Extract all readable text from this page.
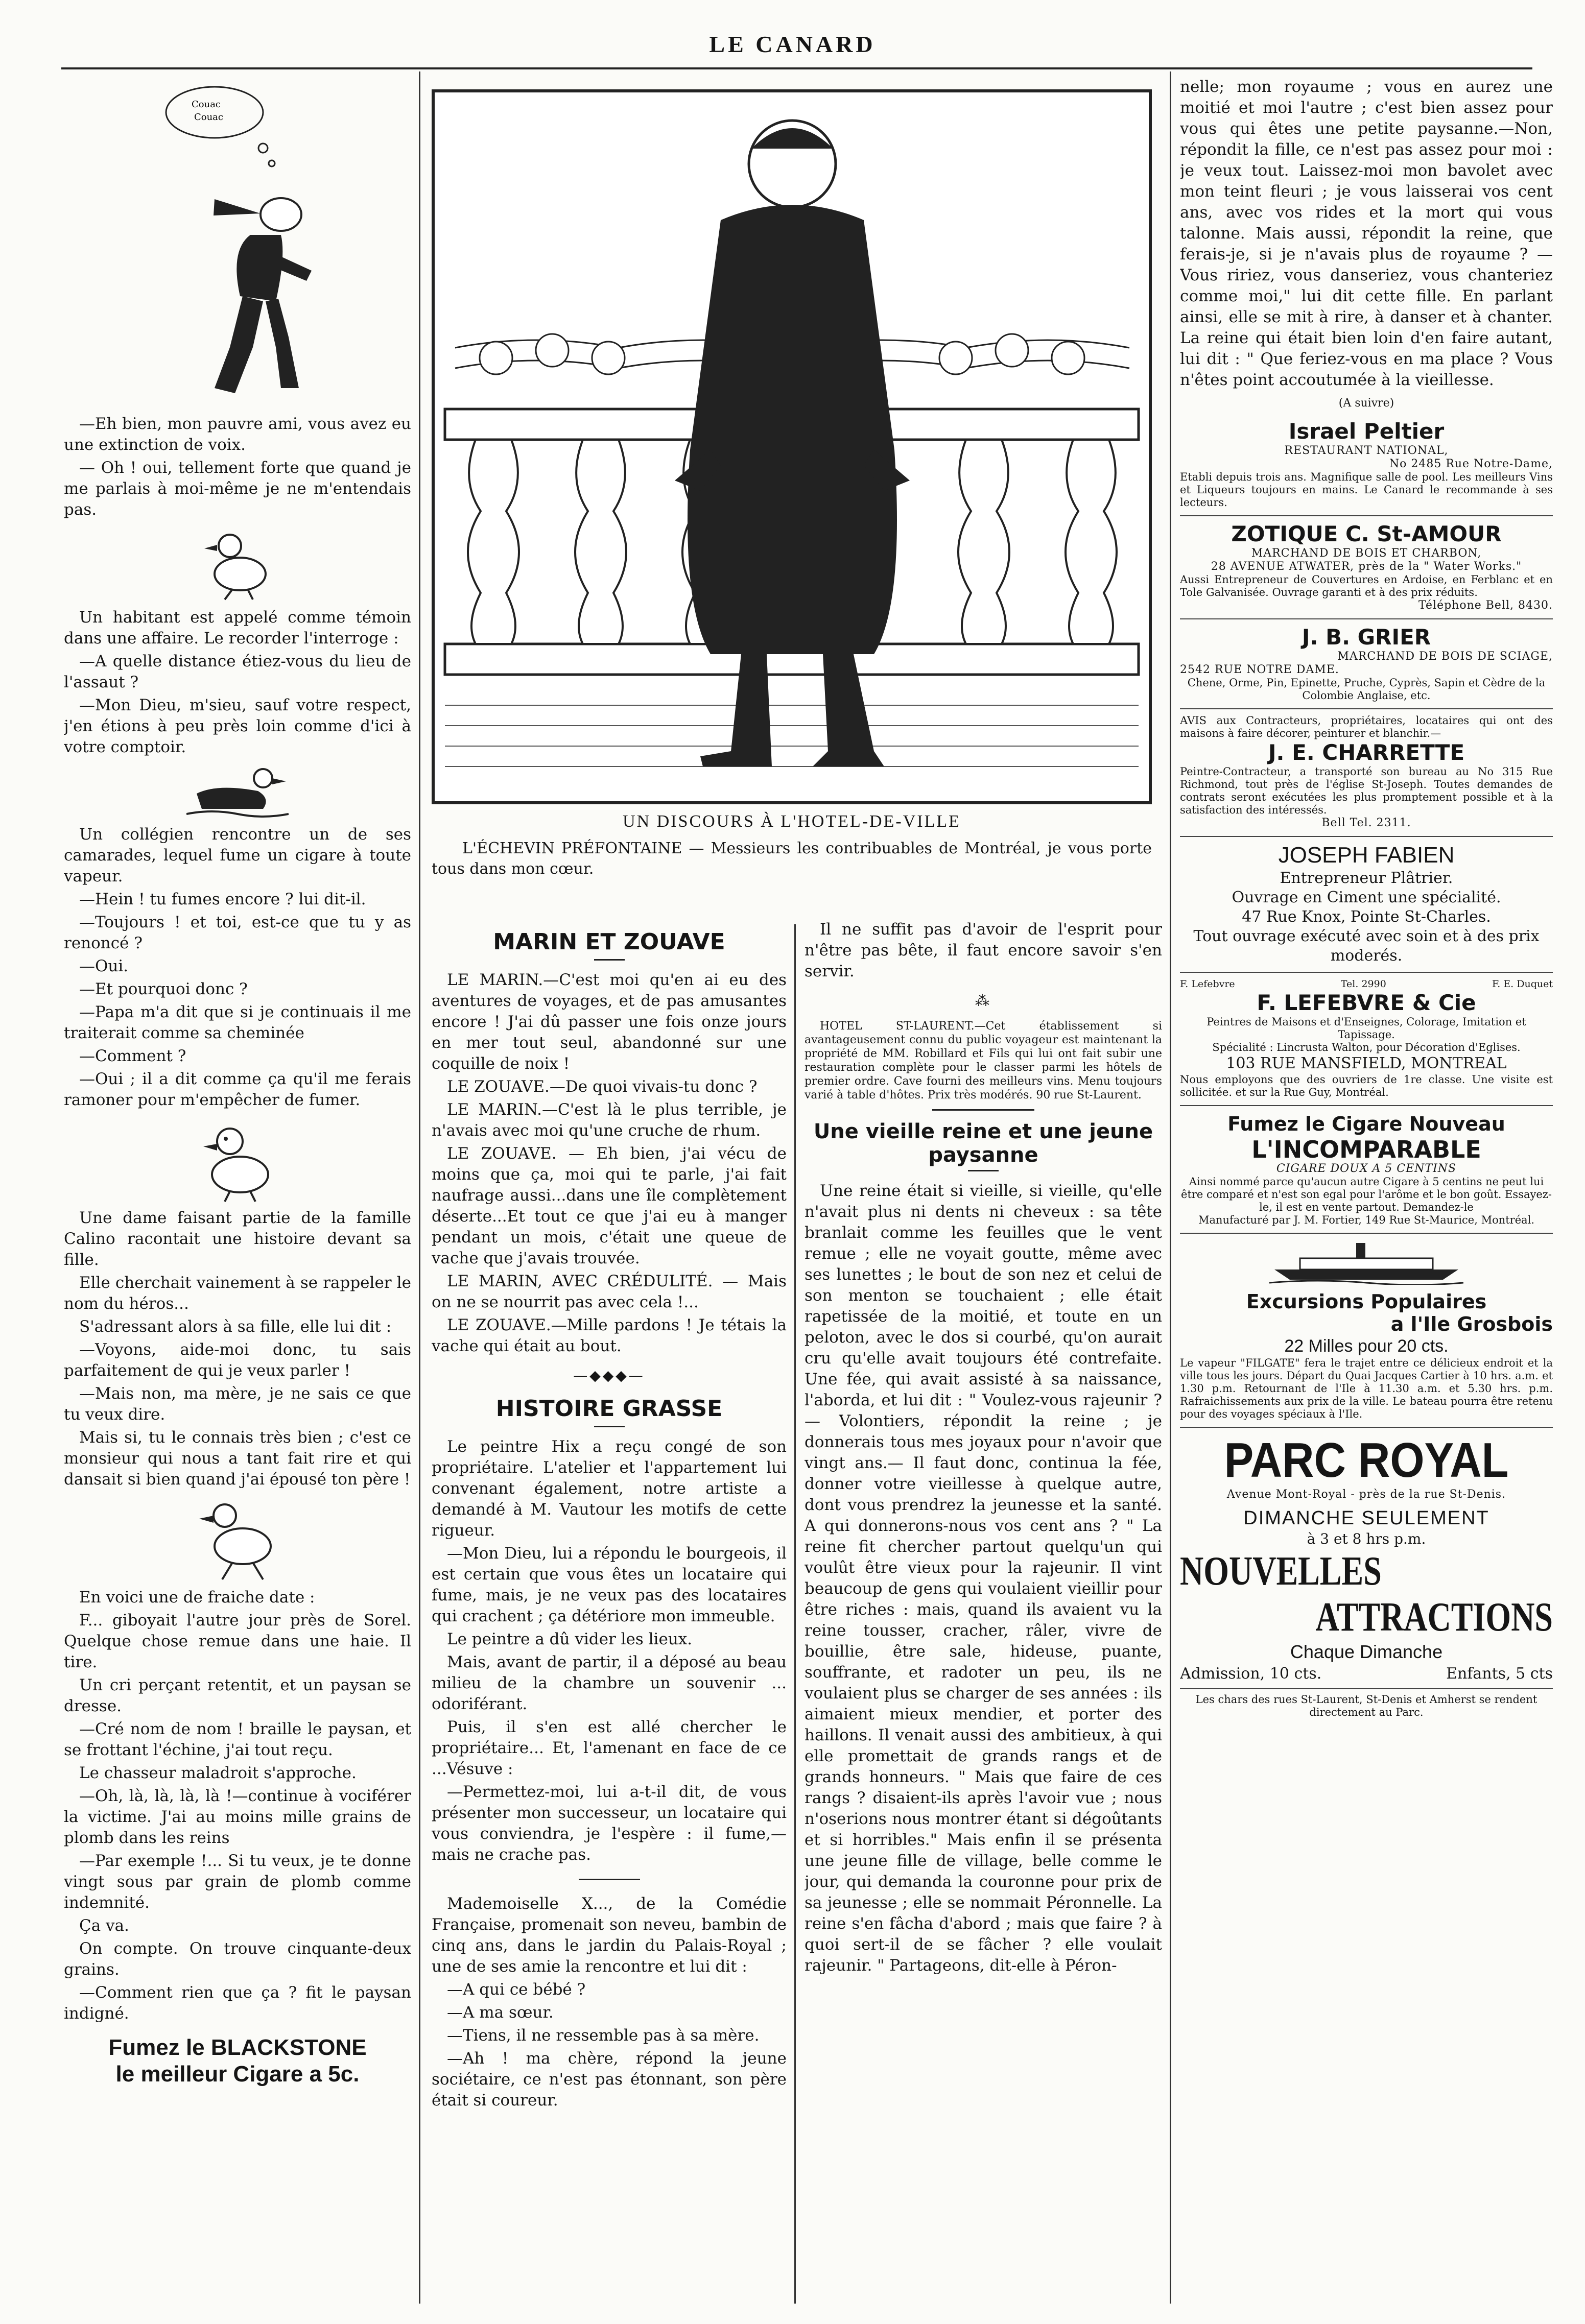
LE CANARD
Couac
Couac

—Eh bien, mon pauvre ami, vous avez eu une extinction de voix.

— Oh ! oui, tellement forte que quand je me parlais à moi-même je ne m'entendais pas.

Un habitant est appelé comme témoin dans une affaire. Le recorder l'interroge :

—A quelle distance étiez-vous du lieu de l'assaut ?

—Mon Dieu, m'sieu, sauf votre respect, j'en étions à peu près loin comme d'ici à votre comptoir.

Un collégien rencontre un de ses camarades, lequel fume un cigare à toute vapeur.

—Hein ! tu fumes encore ? lui dit-il.

—Toujours ! et toi, est-ce que tu y as renoncé ?

—Oui.

—Et pourquoi donc ?

—Papa m'a dit que si je continuais il me traiterait comme sa cheminée

—Comment ?

—Oui ; il a dit comme ça qu'il me ferais ramoner pour m'empêcher de fumer.

Une dame faisant partie de la famille Calino racontait une histoire devant sa fille.

Elle cherchait vainement à se rappeler le nom du héros...

S'adressant alors à sa fille, elle lui dit :

—Voyons, aide-moi donc, tu sais parfaitement de qui je veux parler !

—Mais non, ma mère, je ne sais ce que tu veux dire.

Mais si, tu le connais très bien ; c'est ce monsieur qui nous a tant fait rire et qui dansait si bien quand j'ai épousé ton père !

En voici une de fraiche date :

F... giboyait l'autre jour près de Sorel. Quelque chose remue dans une haie. Il tire.

Un cri perçant retentit, et un paysan se dresse.

—Cré nom de nom ! braille le paysan, et se frottant l'échine, j'ai tout reçu.

Le chasseur maladroit s'approche.

—Oh, là, là, là, là !—continue à vociférer la victime. J'ai au moins mille grains de plomb dans les reins

—Par exemple !... Si tu veux, je te donne vingt sous par grain de plomb comme indemnité.

Ça va.

On compte. On trouve cinquante-deux grains.

—Comment rien que ça ? fit le paysan indigné.

Fumez le BLACKSTONE
le meilleur Cigare a 5c.
UN DISCOURS À L'HOTEL-DE-VILLE
L'ÉCHEVIN PRÉFONTAINE — Messieurs les contribuables de Montréal, je vous porte tous dans mon cœur.
MARIN ET ZOUAVE

LE MARIN.—C'est moi qu'en ai eu des aventures de voyages, et de pas amusantes encore ! J'ai dû passer une fois onze jours en mer tout seul, abandonné sur une coquille de noix !

LE ZOUAVE.—De quoi vivais-tu donc ?

LE MARIN.—C'est là le plus terrible, je n'avais avec moi qu'une cruche de rhum.

LE ZOUAVE. — Eh bien, j'ai vécu de moins que ça, moi qui te parle, j'ai fait naufrage aussi...dans une île complètement déserte...Et tout ce que j'ai eu à manger pendant un mois, c'était une queue de vache que j'avais trouvée.

LE MARIN, AVEC CRÉDULITÉ. — Mais on ne se nourrit pas avec cela !...

LE ZOUAVE.—Mille pardons ! Je tétais la vache qui était au bout.

—◆◆◆—
HISTOIRE GRASSE

Le peintre Hix a reçu congé de son propriétaire. L'atelier et l'appartement lui convenant également, notre artiste a demandé à M. Vautour les motifs de cette rigueur.

—Mon Dieu, lui a répondu le bourgeois, il est certain que vous êtes un locataire qui fume, mais, je ne veux pas des locataires qui crachent ; ça détériore mon immeuble.

Le peintre a dû vider les lieux.

Mais, avant de partir, il a déposé au beau milieu de la chambre un souvenir ... odoriférant.

Puis, il s'en est allé chercher le propriétaire... Et, l'amenant en face de ce ...Vésuve :

—Permettez-moi, lui a-t-il dit, de vous présenter mon successeur, un locataire qui vous conviendra, je l'espère : il fume,— mais ne crache pas.

Mademoiselle X..., de la Comédie Française, promenait son neveu, bambin de cinq ans, dans le jardin du Palais-Royal ; une de ses amie la rencontre et lui dit :

—A qui ce bébé ?

—A ma sœur.

—Tiens, il ne ressemble pas à sa mère.

—Ah ! ma chère, répond la jeune sociétaire, ce n'est pas étonnant, son père était si coureur.

Il ne suffit pas d'avoir de l'esprit pour n'être pas bête, il faut encore savoir s'en servir.

⁂

HOTEL ST-LAURENT.—Cet établissement si avantageusement connu du public voyageur est maintenant la propriété de MM. Robillard et Fils qui lui ont fait subir une restauration complète pour le classer parmi les hôtels de premier ordre. Cave fourni des meilleurs vins. Menu toujours varié à table d'hôtes. Prix très modérés. 90 rue St-Laurent.

Une vieille reine et une jeune paysanne

Une reine était si vieille, si vieille, qu'elle n'avait plus ni dents ni cheveux : sa tête branlait comme les feuilles que le vent remue ; elle ne voyait goutte, même avec ses lunettes ; le bout de son nez et celui de son menton se touchaient ; elle était rapetissée de la moitié, et toute en un peloton, avec le dos si courbé, qu'on aurait cru qu'elle avait toujours été contrefaite. Une fée, qui avait assisté à sa naissance, l'aborda, et lui dit : " Voulez-vous rajeunir ?— Volontiers, répondit la reine ; je donnerais tous mes joyaux pour n'avoir que vingt ans.— Il faut donc, continua la fée, donner votre vieillesse à quelque autre, dont vous prendrez la jeunesse et la santé. A qui donnerons-nous vos cent ans ? " La reine fit chercher partout quelqu'un qui voulût être vieux pour la rajeunir. Il vint beaucoup de gens qui voulaient vieillir pour être riches : mais, quand ils avaient vu la reine tousser, cracher, râler, vivre de bouillie, être sale, hideuse, puante, souffrante, et radoter un peu, ils ne voulaient plus se charger de ses années : ils aimaient mieux mendier, et porter des haillons. Il venait aussi des ambitieux, à qui elle promettait de grands rangs et de grands honneurs. " Mais que faire de ces rangs ? disaient-ils après l'avoir vue ; nous n'oserions nous montrer étant si dégoûtants et si horribles." Mais enfin il se présenta une jeune fille de village, belle comme le jour, qui demanda la couronne pour prix de sa jeunesse ; elle se nommait Péronnelle. La reine s'en fâcha d'abord ; mais que faire ? à quoi sert-il de se fâcher ? elle voulait rajeunir. " Partageons, dit-elle à Péron-

nelle; mon royaume ; vous en aurez une moitié et moi l'autre ; c'est bien assez pour vous qui êtes une petite paysanne.—Non, répondit la fille, ce n'est pas assez pour moi : je veux tout. Laissez-moi mon bavolet avec mon teint fleuri ; je vous laisserai vos cent ans, avec vos rides et la mort qui vous talonne. Mais aussi, répondit la reine, que ferais-je, si je n'avais plus de royaume ? — Vous ririez, vous danseriez, vous chanteriez comme moi," lui dit cette fille. En parlant ainsi, elle se mit à rire, à danser et à chanter. La reine qui était bien loin d'en faire autant, lui dit : " Que feriez-vous en ma place ? Vous n'êtes point accoutumée à la vieillesse.

(A suivre)
Israel Peltier
RESTAURANT NATIONAL,
No 2485 Rue Notre-Dame,
Etabli depuis trois ans. Magnifique salle de pool. Les meilleurs Vins et Liqueurs toujours en mains. Le Canard le recommande à ses lecteurs.
ZOTIQUE C. St-AMOUR
MARCHAND DE BOIS ET CHARBON,
28 AVENUE ATWATER, près de la " Water Works."
Aussi Entrepreneur de Couvertures en Ardoise, en Ferblanc et en Tole Galvanisée. Ouvrage garanti et à des prix réduits.
Téléphone Bell, 8430.
J. B. GRIER
MARCHAND DE BOIS DE SCIAGE,
2542 RUE NOTRE DAME.
Chene, Orme, Pin, Epinette, Pruche, Cyprès, Sapin et Cèdre de la Colombie Anglaise, etc.
AVIS aux Contracteurs, propriétaires, locataires qui ont des maisons à faire décorer, peinturer et blanchir.—
J. E. CHARRETTE
Peintre-Contracteur, a transporté son bureau au No 315 Rue Richmond, tout près de l'église St-Joseph. Toutes demandes de contrats seront exécutées les plus promptement possible et à la satisfaction des intéressés.
Bell Tel. 2311.
JOSEPH FABIEN
Entrepreneur Plâtrier.
Ouvrage en Ciment une spécialité.
47 Rue Knox, Pointe St-Charles.
Tout ouvrage exécuté avec soin et à des prix moderés.
F. Lefebvre	Tel. 2990	F. E. Duquet
F. LEFEBVRE & Cie
Peintres de Maisons et d'Enseignes, Colorage, Imitation et Tapissage.
Spécialité : Lincrusta Walton, pour Décoration d'Eglises.
103 RUE MANSFIELD, MONTREAL
Nous employons que des ouvriers de 1re classe. Une visite est sollicitée. et sur la Rue Guy, Montréal.
Fumez le Cigare Nouveau
L'INCOMPARABLE
CIGARE DOUX A 5 CENTINS
Ainsi nommé parce qu'aucun autre Cigare à 5 centins ne peut lui être comparé et n'est son egal pour l'arôme et le bon goût. Essayez-le, il est en vente partout. Demandez-le
Manufacturé par J. M. Fortier, 149 Rue St-Maurice, Montréal.
Excursions Populaires
a l'Ile Grosbois
22 Milles pour 20 cts.
Le vapeur "FILGATE" fera le trajet entre ce délicieux endroit et la ville tous les jours. Départ du Quai Jacques Cartier à 10 hrs. a.m. et 1.30 p.m. Retournant de l'Ile à 11.30 a.m. et 5.30 hrs. p.m. Rafraichissements aux prix de la ville. Le bateau pourra être retenu pour des voyages spéciaux à l'Ile.
PARC ROYAL
Avenue Mont-Royal - près de la rue St-Denis.
DIMANCHE SEULEMENT
à 3 et 8 hrs p.m.
NOUVELLES
ATTRACTIONS
Chaque Dimanche
Admission, 10 cts.	Enfants, 5 cts
Les chars des rues St-Laurent, St-Denis et Amherst se rendent directement au Parc.
